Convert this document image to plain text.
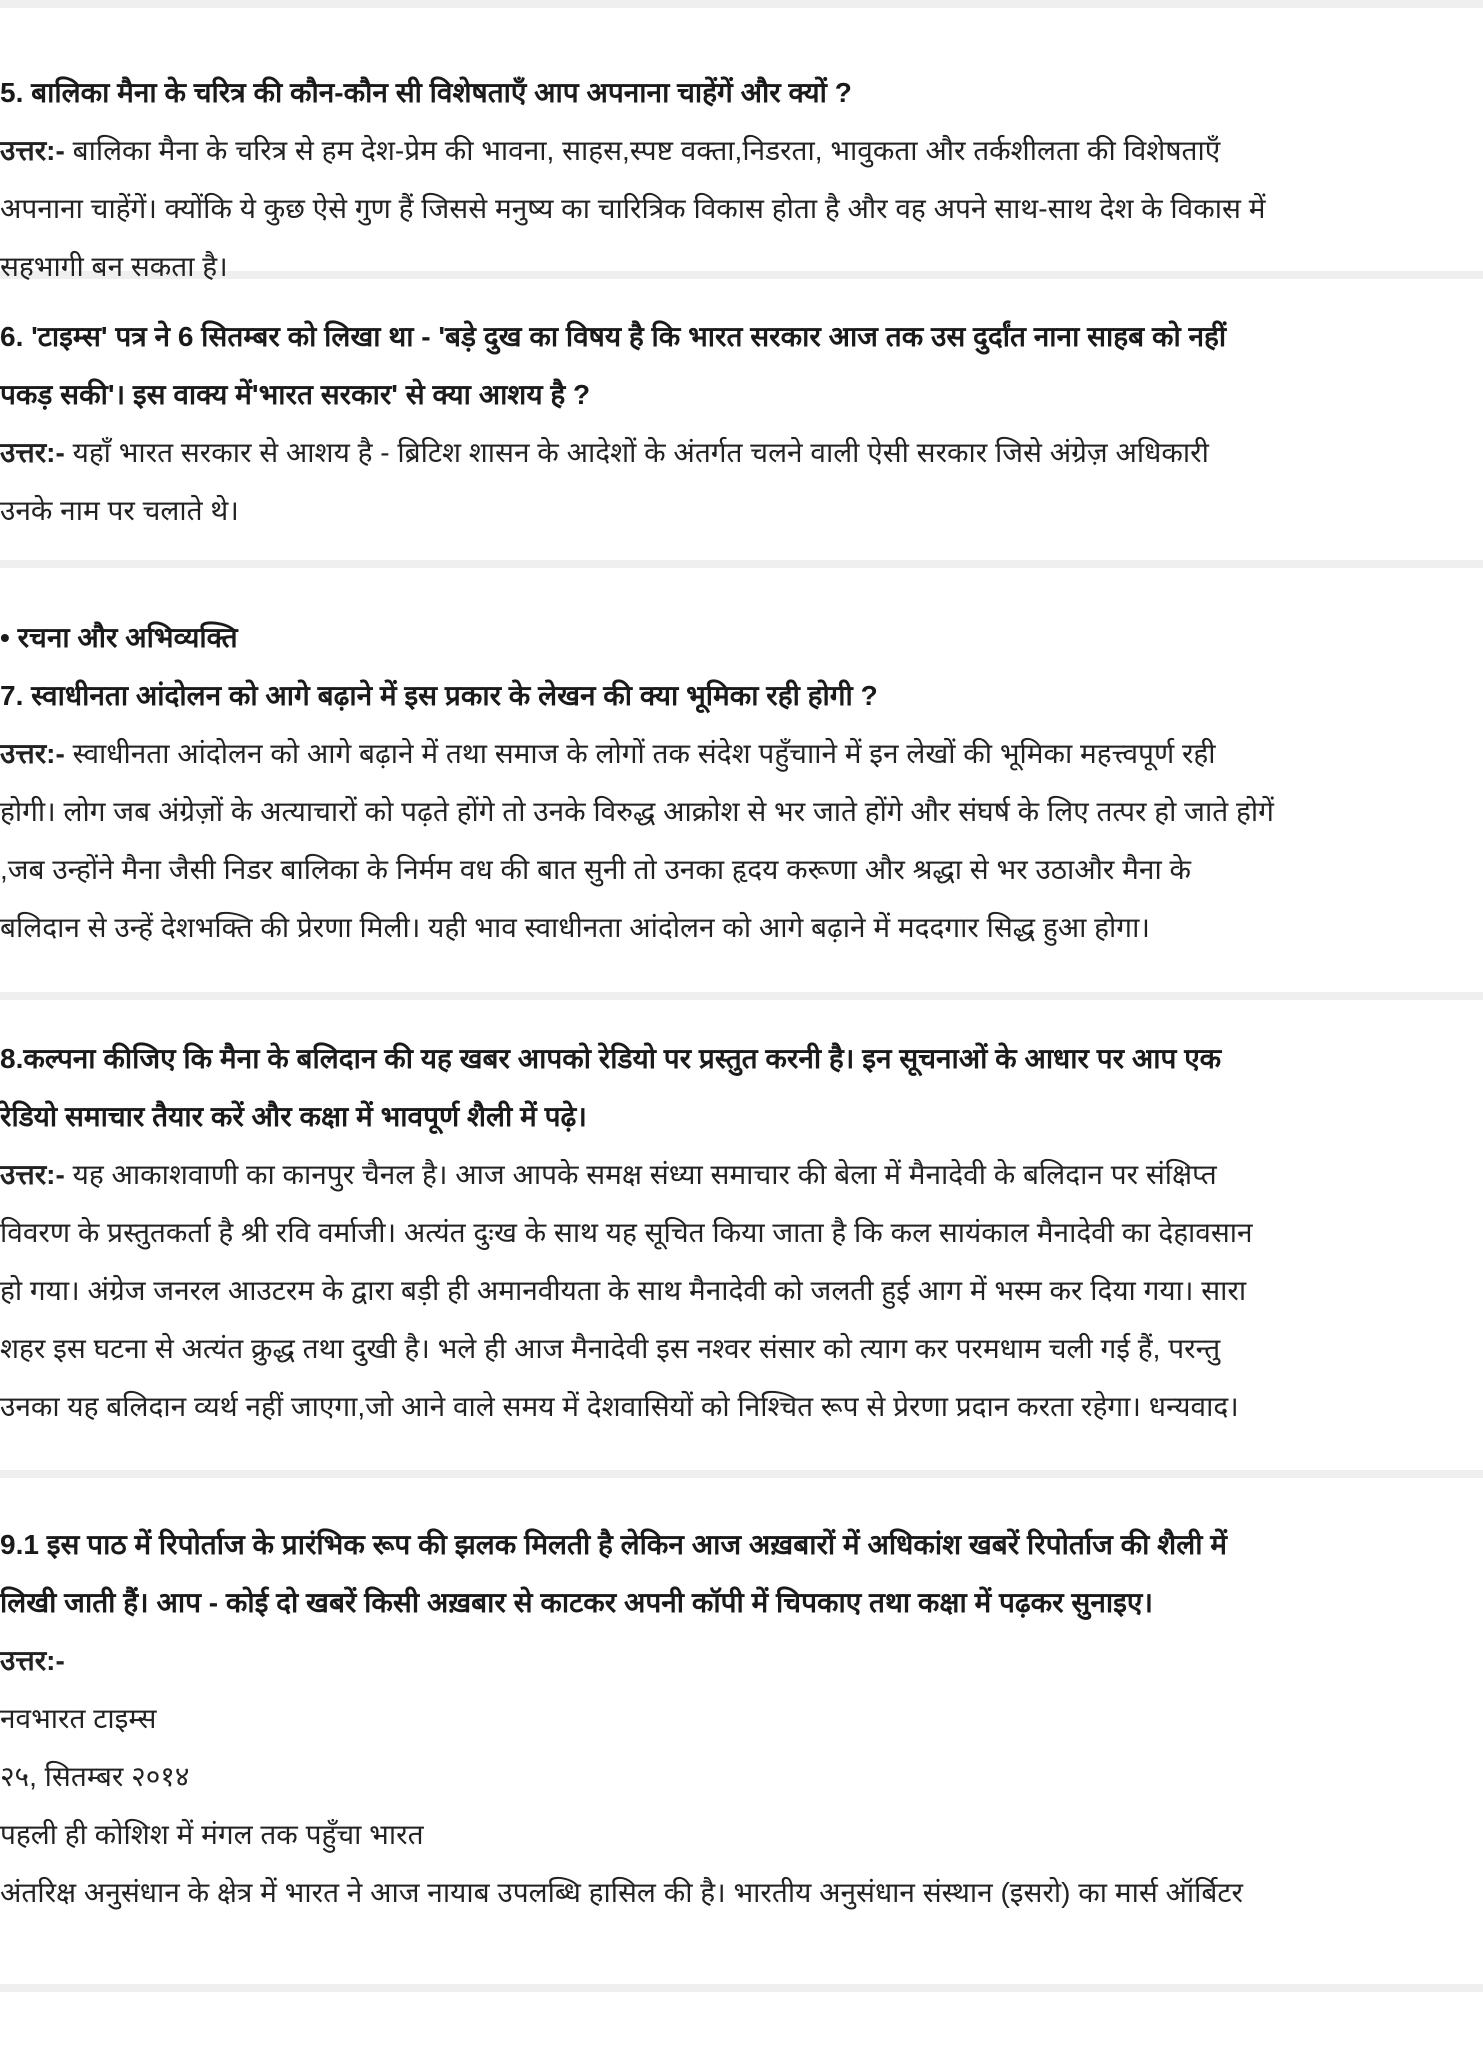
5. बालिका मैना के चरित्र की कौन-कौन सी विशेषताएँ आप अपनाना चाहेंगें और क्यों ?
उत्तर:- बालिका मैना के चरित्र से हम देश-प्रेम की भावना, साहस,स्पष्ट वक्ता,निडरता, भावुकता और तर्कशीलता की विशेषताएँ
अपनाना चाहेंगें। क्योंकि ये कुछ ऐसे गुण हैं जिससे मनुष्य का चारित्रिक विकास होता है और वह अपने साथ-साथ देश के विकास में
सहभागी बन सकता है।
6. 'टाइम्स' पत्र ने 6 सितम्बर को लिखा था - 'बड़े दुख का विषय है कि भारत सरकार आज तक उस दुर्दांत नाना साहब को नहीं
पकड़ सकी'। इस वाक्य में'भारत सरकार' से क्या आशय है ?
उत्तर:- यहाँ भारत सरकार से आशय है - ब्रिटिश शासन के आदेशों के अंतर्गत चलने वाली ऐसी सरकार जिसे अंग्रेज़ अधिकारी
उनके नाम पर चलाते थे।
• रचना और अभिव्यक्ति
7. स्वाधीनता आंदोलन को आगे बढ़ाने में इस प्रकार के लेखन की क्या भूमिका रही होगी ?
उत्तर:- स्वाधीनता आंदोलन को आगे बढ़ाने में तथा समाज के लोगों तक संदेश पहुँचााने में इन लेखों की भूमिका महत्त्वपूर्ण रही
होगी। लोग जब अंग्रेज़ों के अत्याचारों को पढ़ते होंगे तो उनके विरुद्ध आक्रोश से भर जाते होंगे और संघर्ष के लिए तत्पर हो जाते होगें
,जब उन्होंने मैना जैसी निडर बालिका के निर्मम वध की बात सुनी तो उनका हृदय करूणा और श्रद्धा से भर उठाऔर मैना के
बलिदान से उन्हें देशभक्ति की प्रेरणा मिली। यही भाव स्वाधीनता आंदोलन को आगे बढ़ाने में मददगार सिद्ध हुआ होगा।
8.कल्पना कीजिए कि मैना के बलिदान की यह खबर आपको रेडियो पर प्रस्तुत करनी है। इन सूचनाओं के आधार पर आप एक
रेडियो समाचार तैयार करें और कक्षा में भावपूर्ण शैली में पढ़े।
उत्तर:- यह आकाशवाणी का कानपुर चैनल है। आज आपके समक्ष संध्या समाचार की बेला में मैनादेवी के बलिदान पर संक्षिप्त
विवरण के प्रस्तुतकर्ता है श्री रवि वर्माजी। अत्यंत दुःख के साथ यह सूचित किया जाता है कि कल सायंकाल मैनादेवी का देहावसान
हो गया। अंग्रेज जनरल आउटरम के द्वारा बड़ी ही अमानवीयता के साथ मैनादेवी को जलती हुई आग में भस्म कर दिया गया। सारा
शहर इस घटना से अत्यंत क्रुद्ध तथा दुखी है। भले ही आज मैनादेवी इस नश्वर संसार को त्याग कर परमधाम चली गई हैं, परन्तु
उनका यह बलिदान व्यर्थ नहीं जाएगा,जो आने वाले समय में देशवासियों को निश्चित रूप से प्रेरणा प्रदान करता रहेगा। धन्यवाद।
9.1 इस पाठ में रिपोर्ताज के प्रारंभिक रूप की झलक मिलती है लेकिन आज अख़बारों में अधिकांश खबरें रिपोर्ताज की शैली में
लिखी जाती हैं। आप - कोई दो खबरें किसी अख़बार से काटकर अपनी कॉपी में चिपकाए तथा कक्षा में पढ़कर सुनाइए।
उत्तर:-
नवभारत टाइम्स
२५, सितम्बर २०१४
पहली ही कोशिश में मंगल तक पहुँचा भारत
अंतरिक्ष अनुसंधान के क्षेत्र में भारत ने आज नायाब उपलब्धि हासिल की है। भारतीय अनुसंधान संस्थान (इसरो) का मार्स ऑर्बिटर
